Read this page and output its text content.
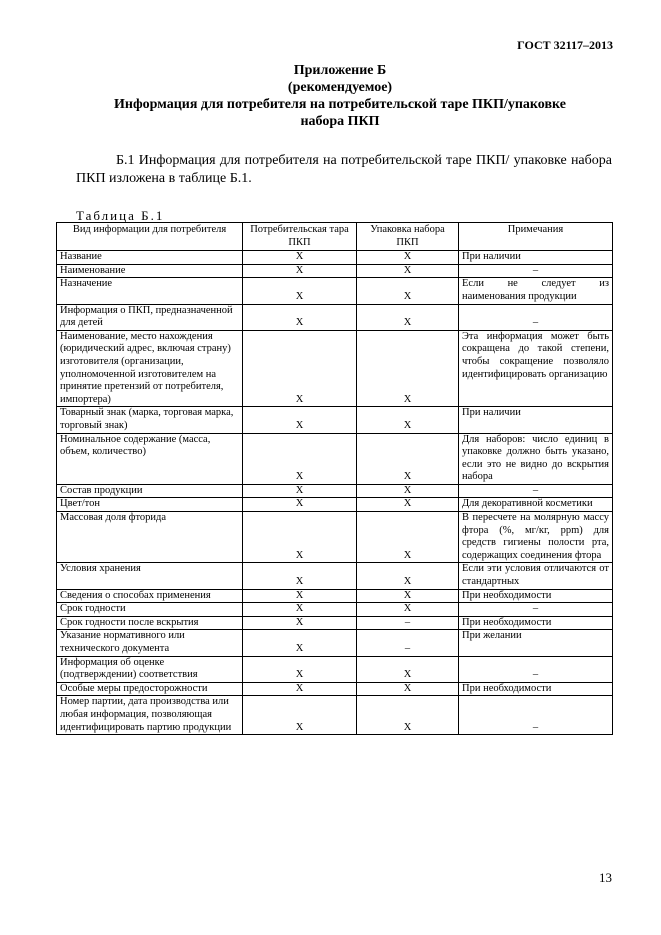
ГОСТ 32117–2013
Приложение Б
(рекомендуемое)
Информация для потребителя на потребительской таре ПКП/упаковке
набора ПКП
Б.1 Информация для потребителя на потребительской таре ПКП/ упаковке набора ПКП изложена в таблице Б.1.
Таблица Б.1
Вид информации для потребителя	Потребительская тара ПКП	Упаковка набора ПКП	Примечания
Название	Х	Х	При наличии
Наименование	Х	Х	–
Назначение	Х	Х	Если не следует из наименования продукции
Информация о ПКП, предназначенной для детей	Х	Х	–
Наименование, место нахождения (юридический адрес, включая страну) изготовителя (организации, уполномоченной изготовителем на принятие претензий от потребителя, импортера)	Х	Х	Эта информация может быть сокращена до такой степени, чтобы сокращение позволяло идентифицировать организацию
Товарный знак (марка, торговая марка, торговый знак)	Х	Х	При наличии
Номинальное содержание (масса, объем, количество)	Х	Х	Для наборов: число единиц в упаковке должно быть указано, если это не видно до вскрытия набора
Состав продукции	Х	Х	–
Цвет/тон	Х	Х	Для декоративной косметики
Массовая доля фторида	Х	Х	В пересчете на молярную массу фтора (%, мг/кг, ppm) для средств гигиены полости рта, содержащих соединения фтора
Условия хранения	Х	Х	Если эти условия отличаются от стандартных
Сведения о способах применения	Х	Х	При необходимости
Срок годности	Х	Х	–
Срок годности после вскрытия	Х	–	При необходимости
Указание нормативного или технического документа	Х	–	При желании
Информация об оценке (подтверждении) соответствия	Х	Х	–
Особые меры предосторожности	Х	Х	При необходимости
Номер партии, дата производства или любая информация, позволяющая идентифицировать партию продукции	Х	Х	–
13
